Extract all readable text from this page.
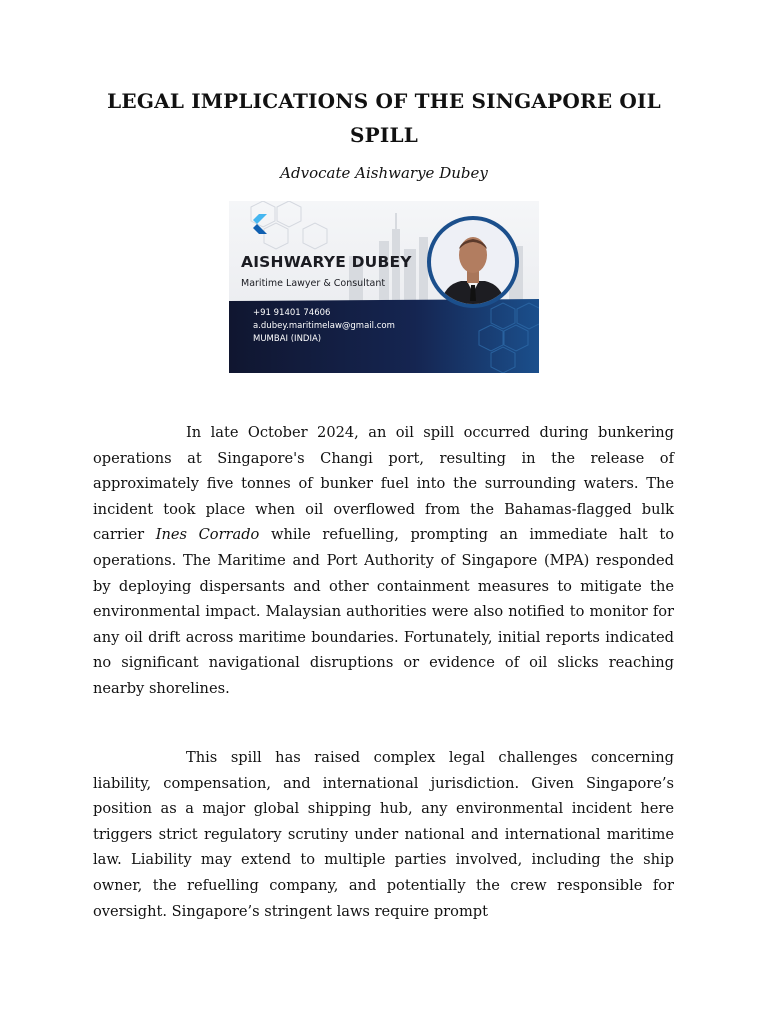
LEGAL IMPLICATIONS OF THE SINGAPORE OIL SPILL
Advocate Aishwarye Dubey
AISHWARYE DUBEY
Maritime Lawyer & Consultant
+91 91401 74606
a.dubey.maritimelaw@gmail.com
MUMBAI (INDIA)

In late October 2024, an oil spill occurred during bunkering operations at Singapore's Changi port, resulting in the release of approximately five tonnes of bunker fuel into the surrounding waters. The incident took place when oil overflowed from the Bahamas-flagged bulk carrier Ines Corrado while refuelling, prompting an immediate halt to operations. The Maritime and Port Authority of Singapore (MPA) responded by deploying dispersants and other containment measures to mitigate the environmental impact. Malaysian authorities were also notified to monitor for any oil drift across maritime boundaries. Fortunately, initial reports indicated no significant navigational disruptions or evidence of oil slicks reaching nearby shorelines.

This spill has raised complex legal challenges concerning liability, compensation, and international jurisdiction. Given Singapore’s position as a major global shipping hub, any environmental incident here triggers strict regulatory scrutiny under national and international maritime law. Liability may extend to multiple parties involved, including the ship owner, the refuelling company, and potentially the crew responsible for oversight. Singapore’s stringent laws require prompt
